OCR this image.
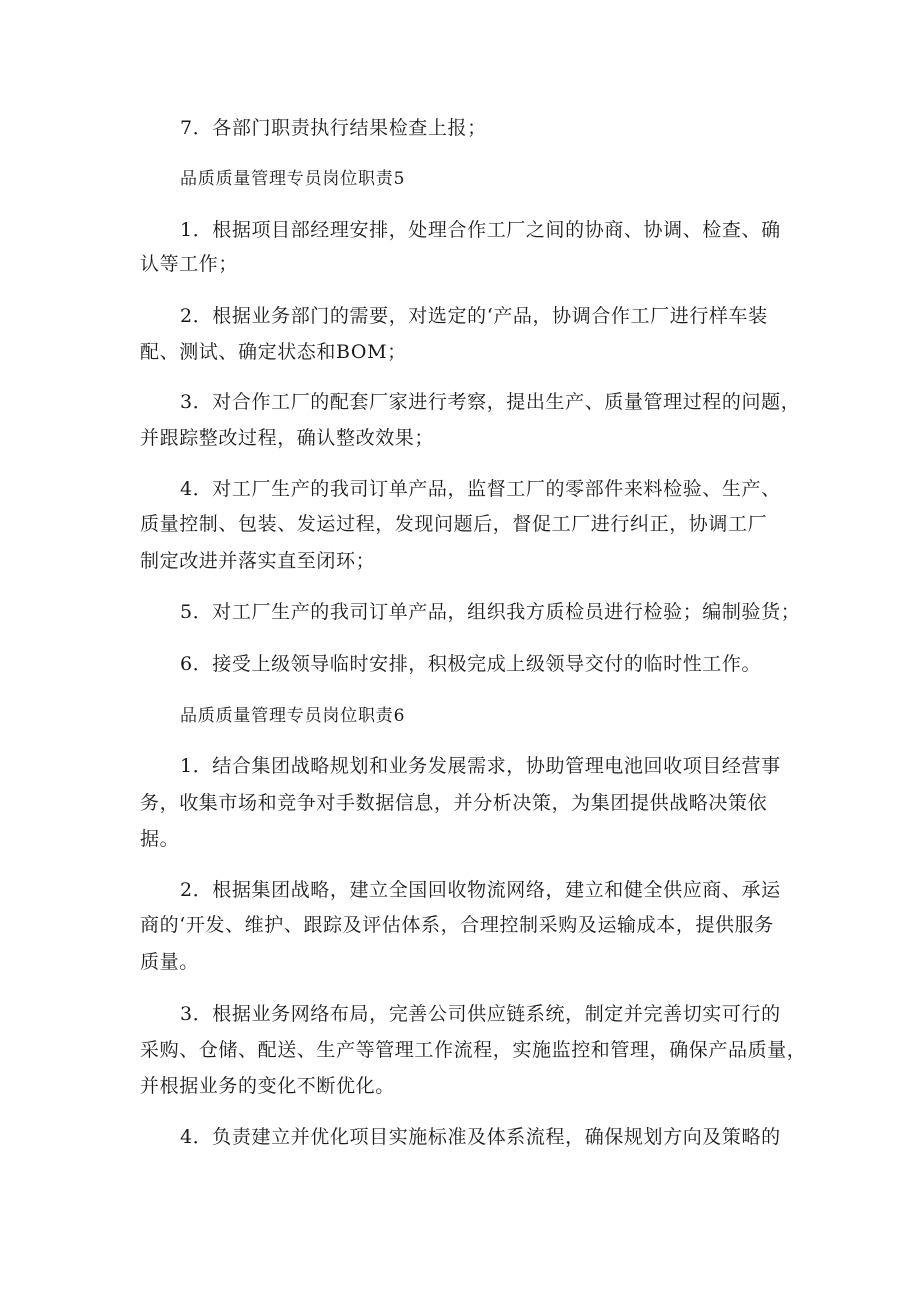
7．各部门职责执行结果检查上报；
品质质量管理专员岗位职责5
1．根据项目部经理安排，处理合作工厂之间的协商、协调、检查、确
认等工作；
2．根据业务部门的需要，对选定的‘产品，协调合作工厂进行样车装
配、测试、确定状态和BOM；
3．对合作工厂的配套厂家进行考察，提出生产、质量管理过程的问题，
并跟踪整改过程，确认整改效果；
4．对工厂生产的我司订单产品，监督工厂的零部件来料检验、生产、
质量控制、包装、发运过程，发现问题后，督促工厂进行纠正，协调工厂
制定改进并落实直至闭环；
5．对工厂生产的我司订单产品，组织我方质检员进行检验；编制验货；
6．接受上级领导临时安排，积极完成上级领导交付的临时性工作。
品质质量管理专员岗位职责6
1．结合集团战略规划和业务发展需求，协助管理电池回收项目经营事
务，收集市场和竞争对手数据信息，并分析决策，为集团提供战略决策依
据。
2．根据集团战略，建立全国回收物流网络，建立和健全供应商、承运
商的‘开发、维护、跟踪及评估体系，合理控制采购及运输成本，提供服务
质量。
3．根据业务网络布局，完善公司供应链系统，制定并完善切实可行的
采购、仓储、配送、生产等管理工作流程，实施监控和管理，确保产品质量，
并根据业务的变化不断优化。
4．负责建立并优化项目实施标准及体系流程，确保规划方向及策略的
